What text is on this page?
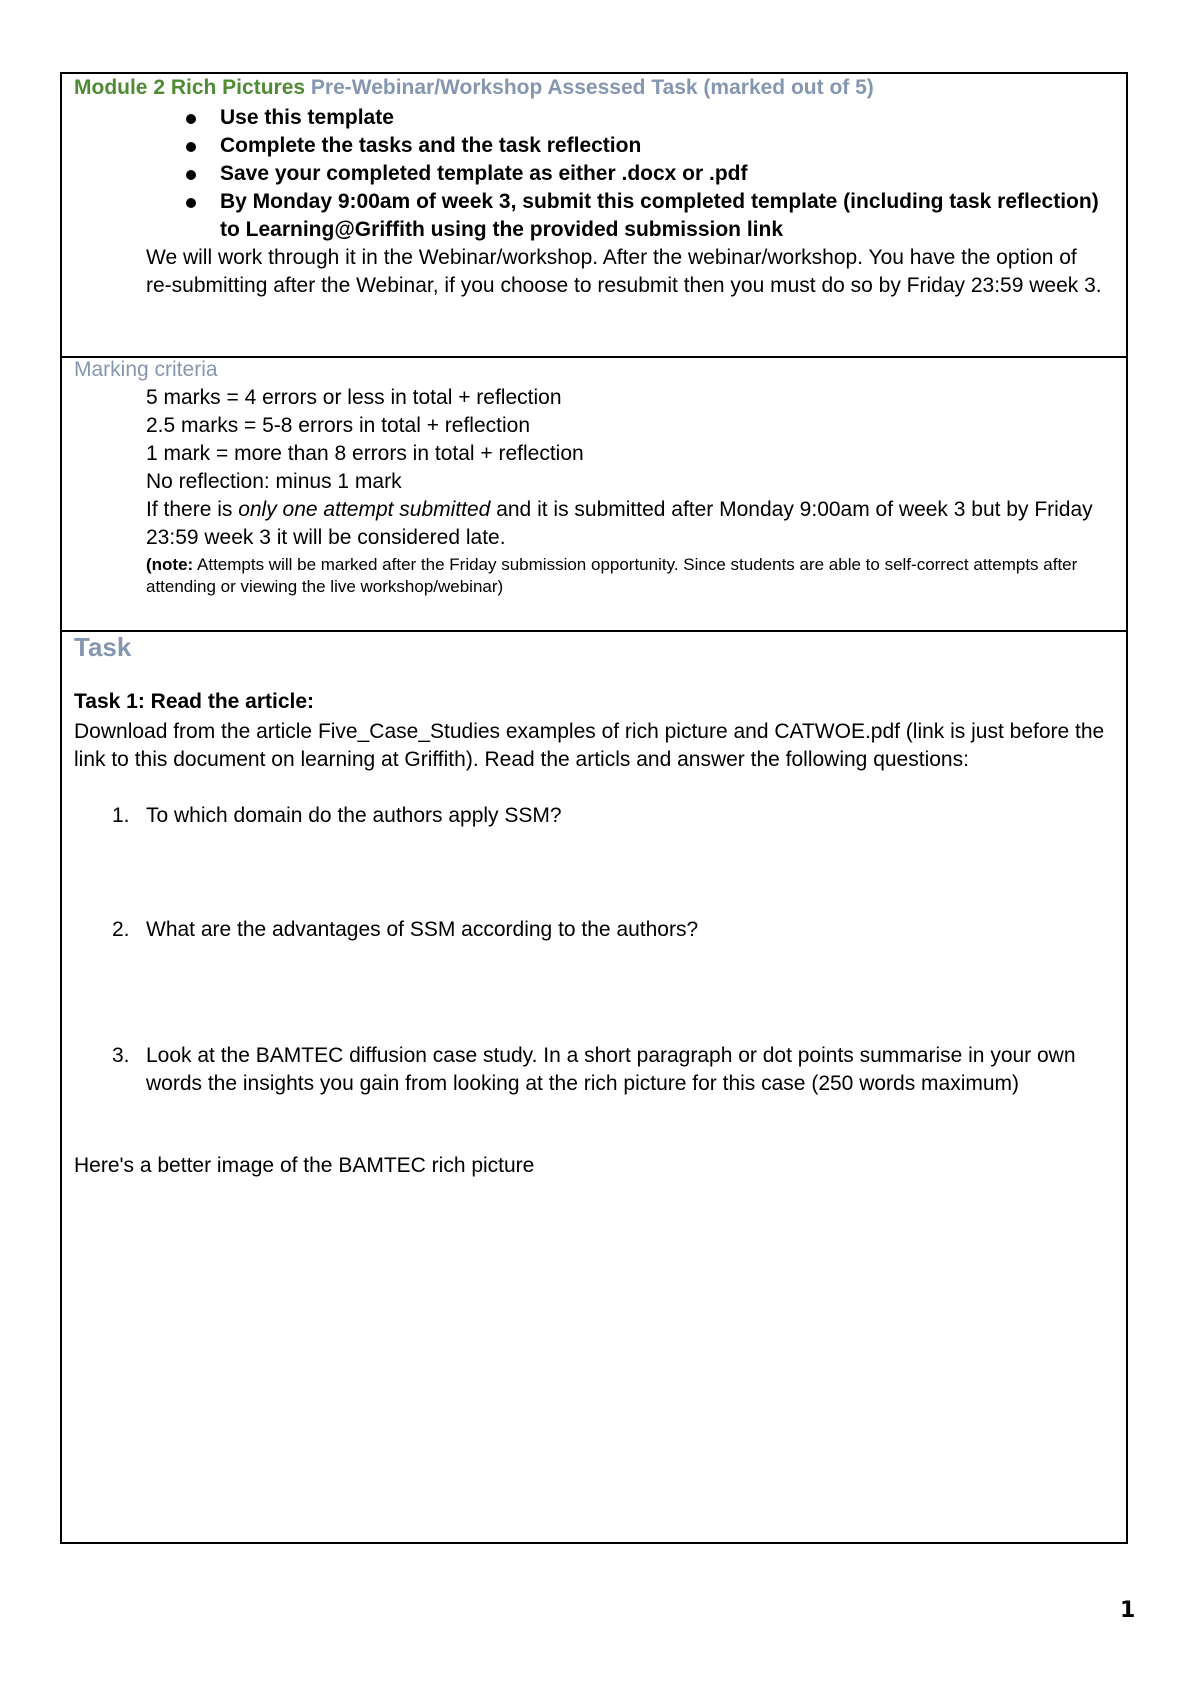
Module 2 Rich Pictures Pre-Webinar/Workshop Assessed Task (marked out of 5)
Use this template
Complete the tasks and the task reflection
Save your completed template as either .docx or .pdf
By Monday 9:00am of week 3, submit this completed template (including task reflection) to Learning@Griffith using the provided submission link
We will work through it in the Webinar/workshop. After the webinar/workshop. You have the option of re-submitting after the Webinar, if you choose to resubmit then you must do so by Friday 23:59 week 3.
Marking criteria
5 marks = 4 errors or less in total + reflection
2.5 marks = 5-8 errors in total + reflection
1 mark = more than 8 errors in total + reflection
No reflection: minus 1 mark
If there is only one attempt submitted and it is submitted after Monday 9:00am of week 3 but by Friday 23:59 week 3 it will be considered late.
(note: Attempts will be marked after the Friday submission opportunity. Since students are able to self-correct attempts after attending or viewing the live workshop/webinar)
Task
Task 1: Read the article:
Download from the article Five_Case_Studies examples of rich picture and CATWOE.pdf (link is just before the link to this document on learning at Griffith). Read the articls and answer the following questions:
1. To which domain do the authors apply SSM?
2. What are the advantages of SSM according to the authors?
3. Look at the BAMTEC diffusion case study. In a short paragraph or dot points summarise in your own words the insights you gain from looking at the rich picture for this case (250 words maximum)
Here's a better image of the BAMTEC rich picture
1
